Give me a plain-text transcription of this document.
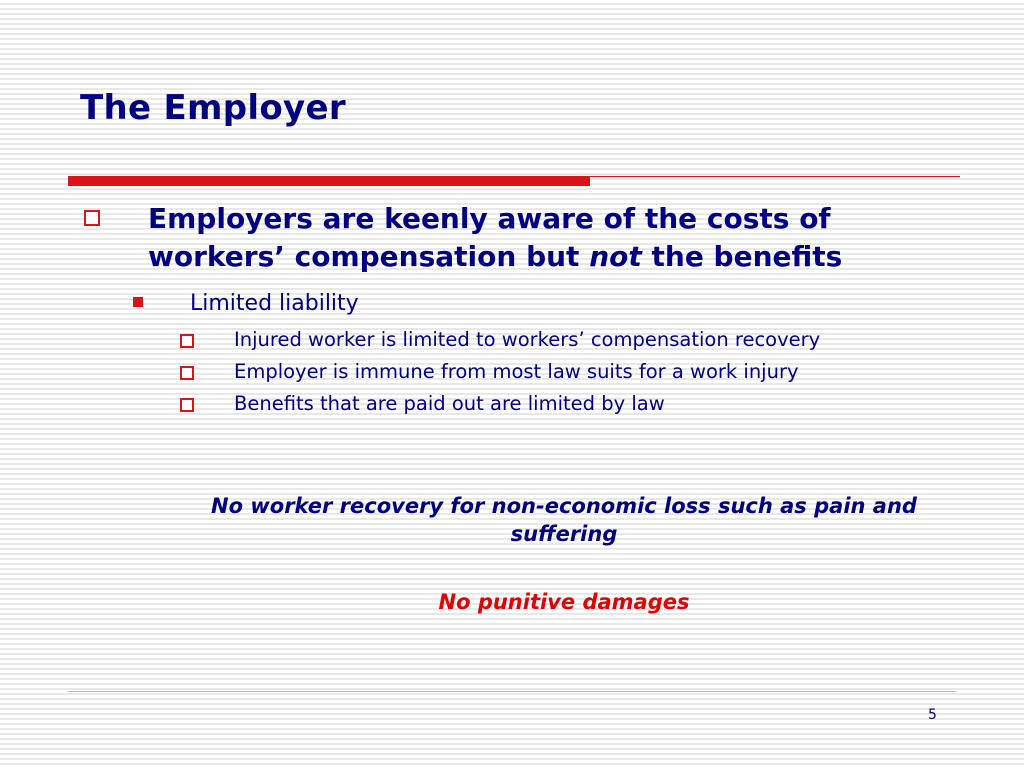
The Employer
Employers are keenly aware of the costs of
workers’ compensation but not the benefits
Limited liability
Injured worker is limited to workers’ compensation recovery
Employer is immune from most law suits for a work injury
Benefits that are paid out are limited by law
No worker recovery for non-economic loss such as pain and
suffering
No punitive damages
5
